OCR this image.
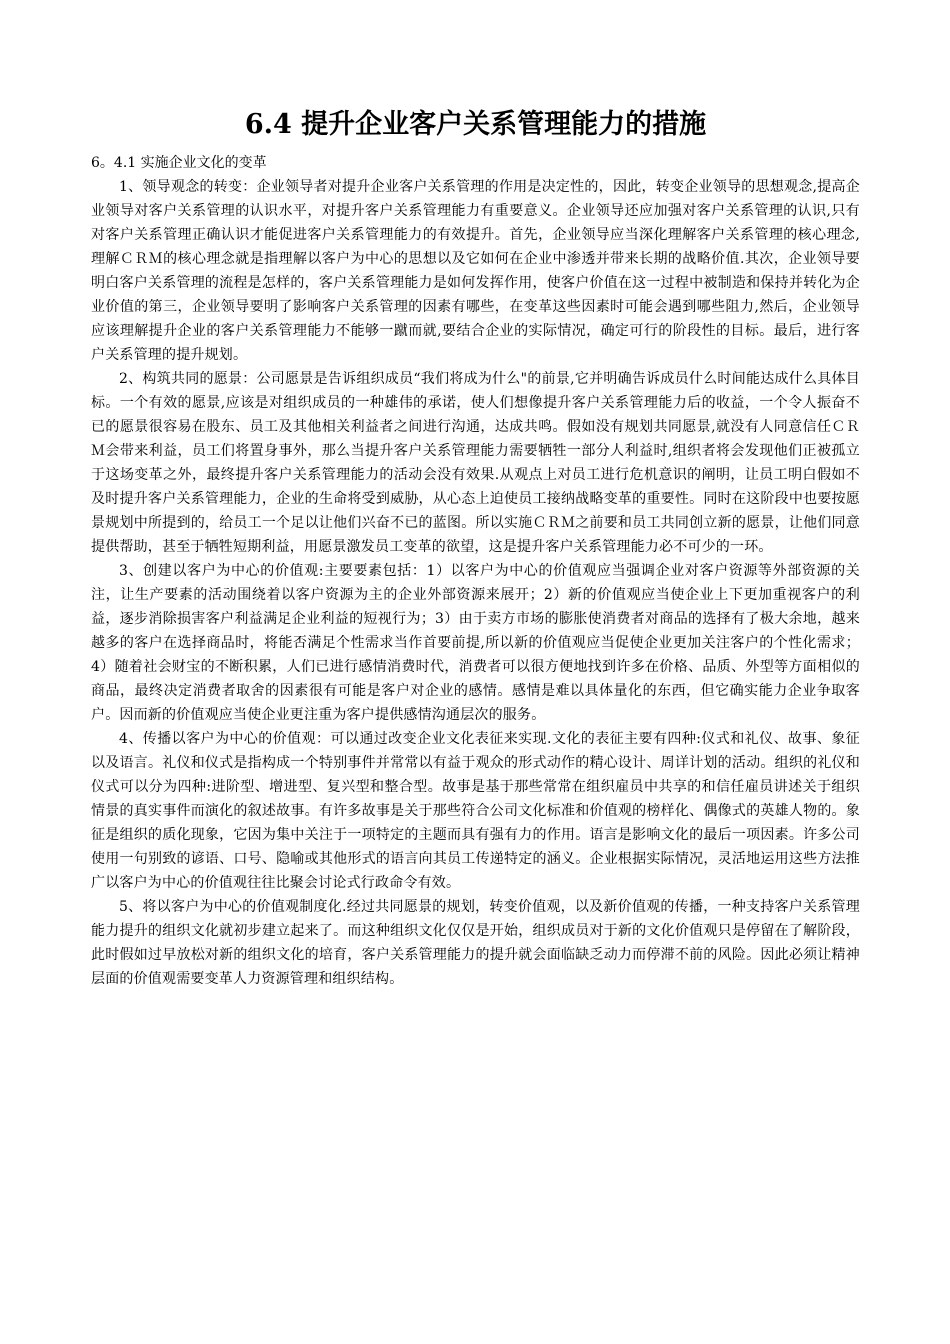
6.4 提升企业客户关系管理能力的措施

6。4.1 实施企业文化的变革

1、领导观念的转变：企业领导者对提升企业客户关系管理的作用是决定性的，因此，转变企业领导的思想观念,提高企业领导对客户关系管理的认识水平，对提升客户关系管理能力有重要意义。企业领导还应加强对客户关系管理的认识,只有对客户关系管理正确认识才能促进客户关系管理能力的有效提升。首先，企业领导应当深化理解客户关系管理的核心理念,理解ＣＲＭ的核心理念就是指理解以客户为中心的思想以及它如何在企业中渗透并带来长期的战略价值.其次，企业领导要明白客户关系管理的流程是怎样的，客户关系管理能力是如何发挥作用，使客户价值在这一过程中被制造和保持并转化为企业价值的第三，企业领导要明了影响客户关系管理的因素有哪些，在变革这些因素时可能会遇到哪些阻力,然后，企业领导应该理解提升企业的客户关系管理能力不能够一蹴而就,要结合企业的实际情况，确定可行的阶段性的目标。最后，进行客户关系管理的提升规划。

2、构筑共同的愿景：公司愿景是告诉组织成员“我们将成为什么"的前景,它并明确告诉成员什么时间能达成什么具体目标。一个有效的愿景,应该是对组织成员的一种雄伟的承诺，使人们想像提升客户关系管理能力后的收益，一个令人振奋不已的愿景很容易在股东、员工及其他相关利益者之间进行沟通，达成共鸣。假如没有规划共同愿景,就没有人同意信任ＣＲＭ会带来利益，员工们将置身事外，那么当提升客户关系管理能力需要牺牲一部分人利益时,组织者将会发现他们正被孤立于这场变革之外，最终提升客户关系管理能力的活动会没有效果.从观点上对员工进行危机意识的阐明，让员工明白假如不及时提升客户关系管理能力，企业的生命将受到威胁，从心态上迫使员工接纳战略变革的重要性。同时在这阶段中也要按愿景规划中所提到的，给员工一个足以让他们兴奋不已的蓝图。所以实施ＣＲＭ之前要和员工共同创立新的愿景，让他们同意提供帮助，甚至于牺牲短期利益，用愿景激发员工变革的欲望，这是提升客户关系管理能力必不可少的一环。

3、创建以客户为中心的价值观:主要要素包括：1）以客户为中心的价值观应当强调企业对客户资源等外部资源的关注，让生产要素的活动围绕着以客户资源为主的企业外部资源来展开；2）新的价值观应当使企业上下更加重视客户的利益，逐步消除损害客户利益满足企业利益的短视行为；3）由于卖方市场的膨胀使消费者对商品的选择有了极大余地，越来越多的客户在选择商品时，将能否满足个性需求当作首要前提,所以新的价值观应当促使企业更加关注客户的个性化需求；4）随着社会财宝的不断积累，人们已进行感情消费时代，消费者可以很方便地找到许多在价格、品质、外型等方面相似的商品，最终决定消费者取舍的因素很有可能是客户对企业的感情。感情是难以具体量化的东西，但它确实能力企业争取客户。因而新的价值观应当使企业更注重为客户提供感情沟通层次的服务。

4、传播以客户为中心的价值观：可以通过改变企业文化表征来实现.文化的表征主要有四种:仪式和礼仪、故事、象征以及语言。礼仪和仪式是指构成一个特别事件并常常以有益于观众的形式动作的精心设计、周详计划的活动。组织的礼仪和仪式可以分为四种:进阶型、增进型、复兴型和整合型。故事是基于那些常常在组织雇员中共享的和信任雇员讲述关于组织情景的真实事件而演化的叙述故事。有许多故事是关于那些符合公司文化标准和价值观的榜样化、偶像式的英雄人物的。象征是组织的质化现象，它因为集中关注于一项特定的主题而具有强有力的作用。语言是影响文化的最后一项因素。许多公司使用一句别致的谚语、口号、隐喻或其他形式的语言向其员工传递特定的涵义。企业根据实际情况，灵活地运用这些方法推广以客户为中心的价值观往往比聚会讨论式行政命令有效。

5、将以客户为中心的价值观制度化.经过共同愿景的规划，转变价值观，以及新价值观的传播，一种支持客户关系管理能力提升的组织文化就初步建立起来了。而这种组织文化仅仅是开始，组织成员对于新的文化价值观只是停留在了解阶段，此时假如过早放松对新的组织文化的培育，客户关系管理能力的提升就会面临缺乏动力而停滞不前的风险。因此必须让精神层面的价值观需要变革人力资源管理和组织结构。
